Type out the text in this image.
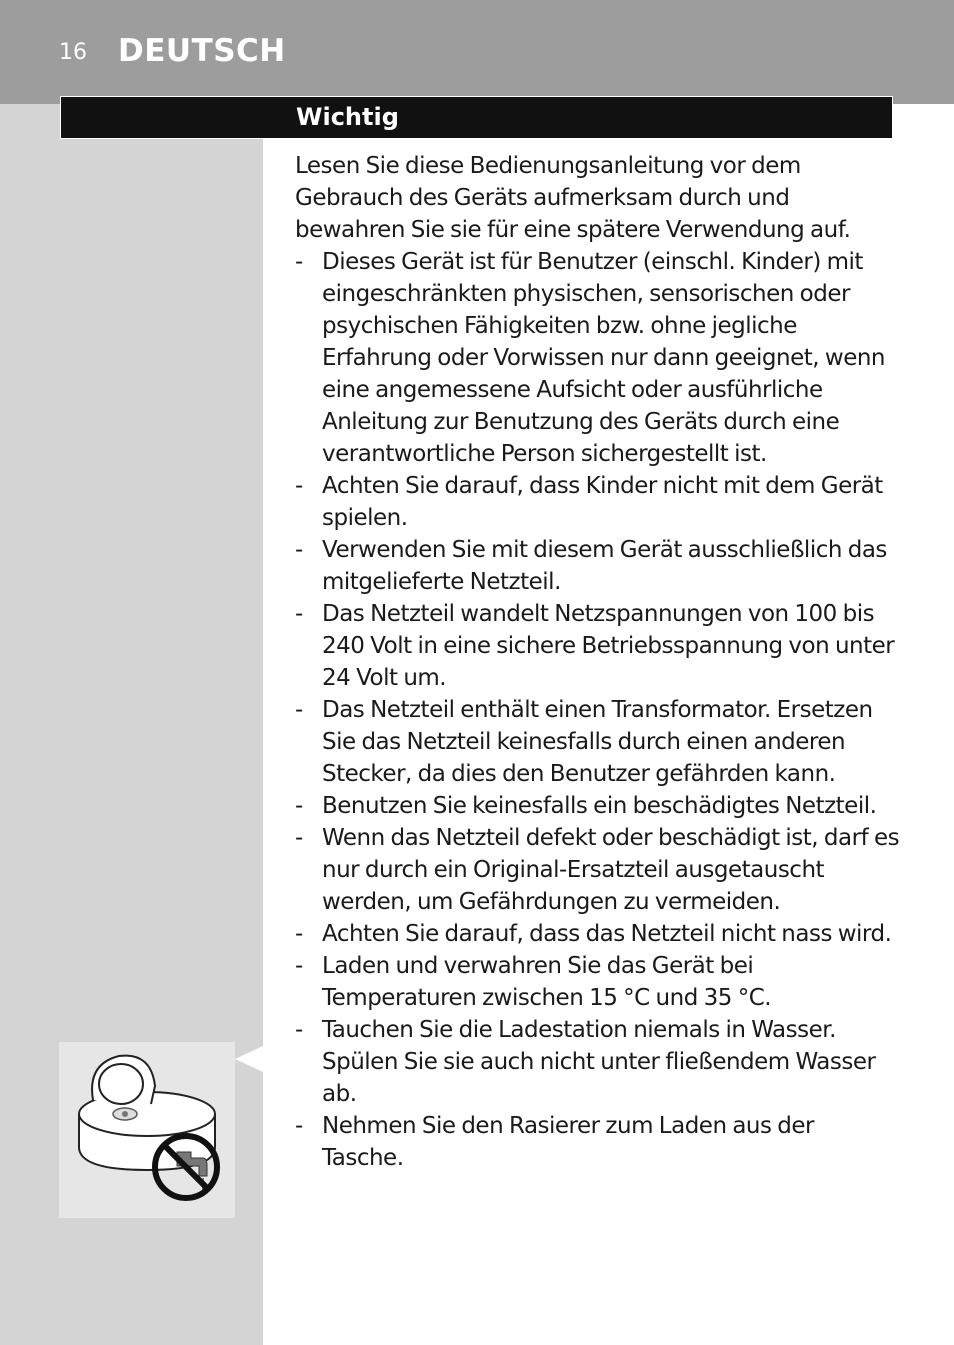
16 DEUTSCH
Wichtig

Lesen Sie diese Bedienungsanleitung vor dem Gebrauch des Geräts aufmerksam durch und bewahren Sie sie für eine spätere Verwendung auf.

- Dieses Gerät ist für Benutzer (einschl. Kinder) mit eingeschränkten physischen, sensorischen oder psychischen Fähigkeiten bzw. ohne jegliche Erfahrung oder Vorwissen nur dann geeignet, wenn eine angemessene Aufsicht oder ausführliche Anleitung zur Benutzung des Geräts durch eine verantwortliche Person sichergestellt ist.
- Achten Sie darauf, dass Kinder nicht mit dem Gerät spielen.
- Verwenden Sie mit diesem Gerät ausschließlich das mitgelieferte Netzteil.
- Das Netzteil wandelt Netzspannungen von 100 bis 240 Volt in eine sichere Betriebsspannung von unter 24 Volt um.
- Das Netzteil enthält einen Transformator. Ersetzen Sie das Netzteil keinesfalls durch einen anderen Stecker, da dies den Benutzer gefährden kann.
- Benutzen Sie keinesfalls ein beschädigtes Netzteil.
- Wenn das Netzteil defekt oder beschädigt ist, darf es nur durch ein Original-Ersatzteil ausgetauscht werden, um Gefährdungen zu vermeiden.
- Achten Sie darauf, dass das Netzteil nicht nass wird.
- Laden und verwahren Sie das Gerät bei Temperaturen zwischen 15 °C und 35 °C.
- Tauchen Sie die Ladestation niemals in Wasser. Spülen Sie sie auch nicht unter fließendem Wasser ab.
- Nehmen Sie den Rasierer zum Laden aus der Tasche.
